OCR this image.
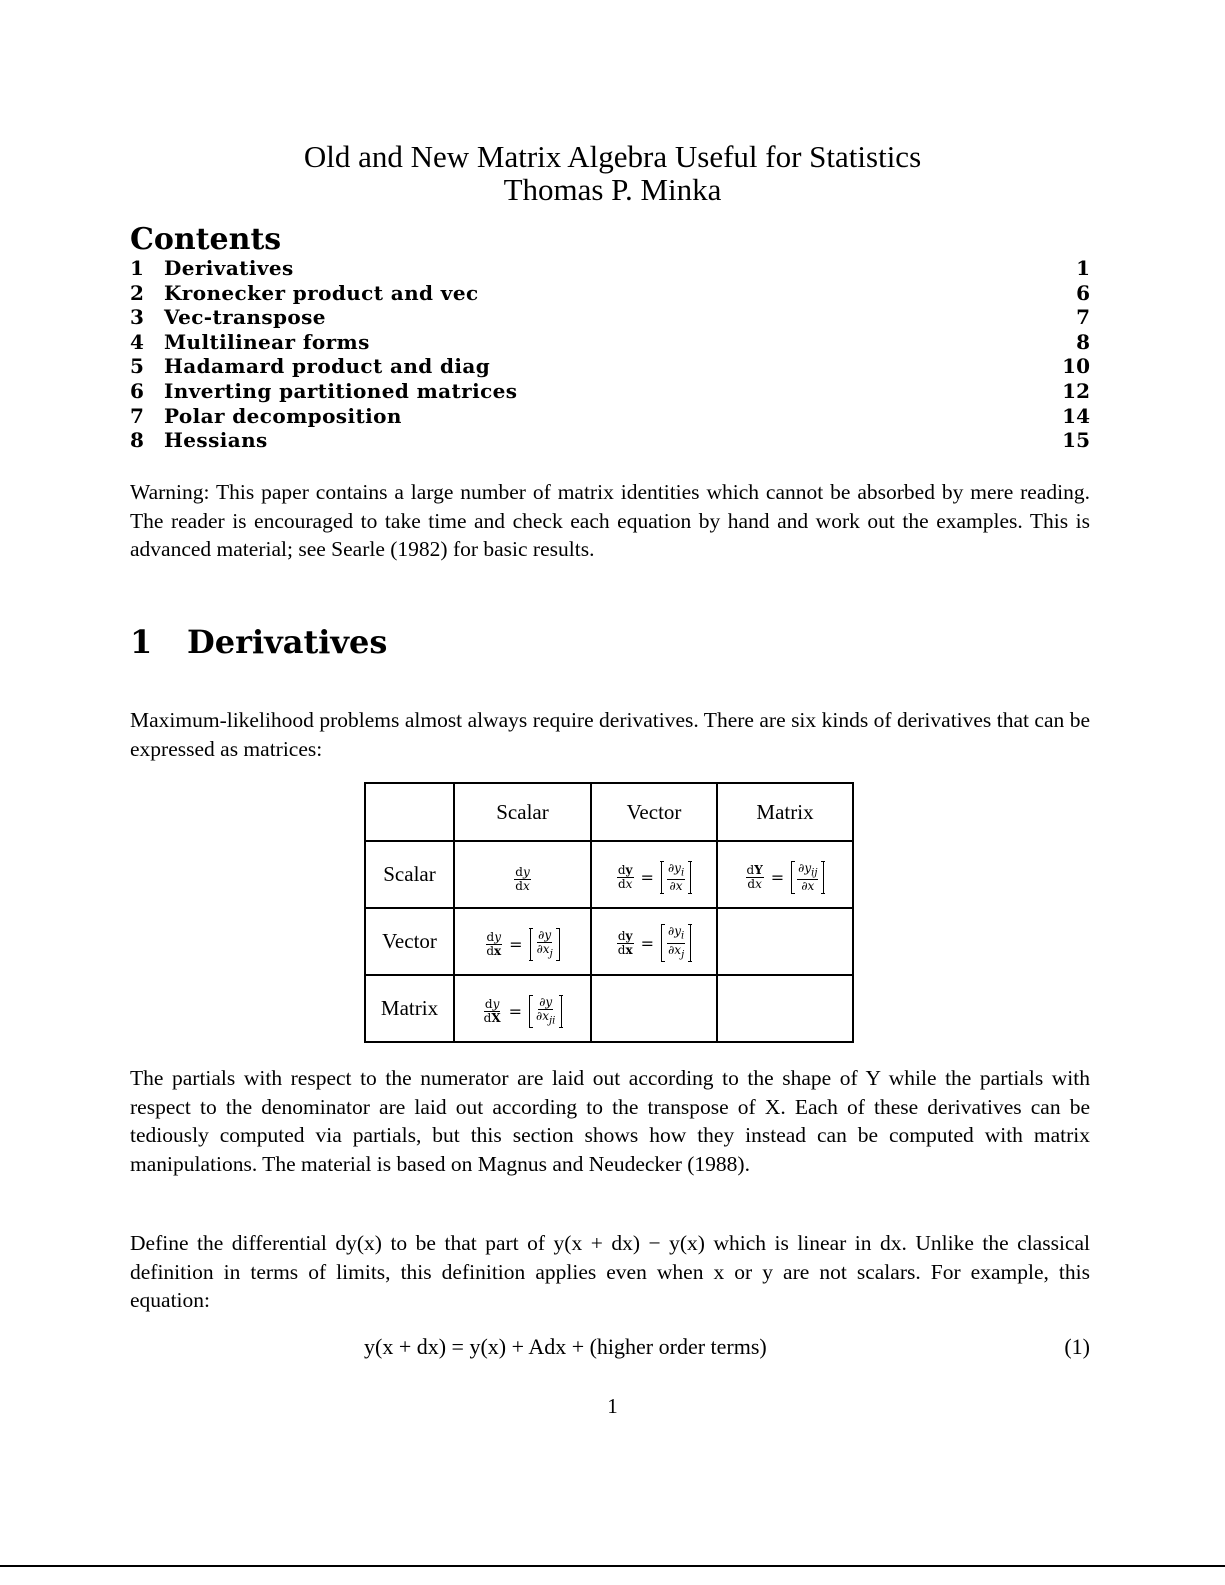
Old and New Matrix Algebra Useful for Statistics
Thomas P. Minka
Contents
1 Derivatives	1
2 Kronecker product and vec	6
3 Vec-transpose	7
4 Multilinear forms	8
5 Hadamard product and diag	10
6 Inverting partitioned matrices	12
7 Polar decomposition	14
8 Hessians	15
Warning: This paper contains a large number of matrix identities which cannot be absorbed by mere reading. The reader is encouraged to take time and check each equation by hand and work out the examples. This is advanced material; see Searle (1982) for basic results.
1 Derivatives
Maximum-likelihood problems almost always require derivatives. There are six kinds of derivatives that can be expressed as matrices:
	Scalar	Vector	Matrix
Scalar	$\frac{dy}{dx}$	$\frac{dy}{dx} = \frac{\partial y_i}{\partial x}$	$\frac{dY}{dx} = \frac{\partial y_{ij}}{\partial x}$

Vector	$\frac{dy}{dx} = \frac{\partial y}{\partial x_j}$	$\frac{dy}{dx} = \frac{\partial y_i}{\partial x_j}$

Matrix	$\frac{dy}{dX} = \frac{\partial y}{\partial x_{ji}}$

The partials with respect to the numerator are laid out according to the shape of Y while the partials with respect to the denominator are laid out according to the transpose of X. Each of these derivatives can be tediously computed via partials, but this section shows how they instead can be computed with matrix manipulations. The material is based on Magnus and Neudecker (1988).
Define the differential dy(x) to be that part of y(x + dx) − y(x) which is linear in dx. Unlike the classical definition in terms of limits, this definition applies even when x or y are not scalars. For example, this equation:
y(x + dx) = y(x) + Adx + (higher order terms)	(1)
1
